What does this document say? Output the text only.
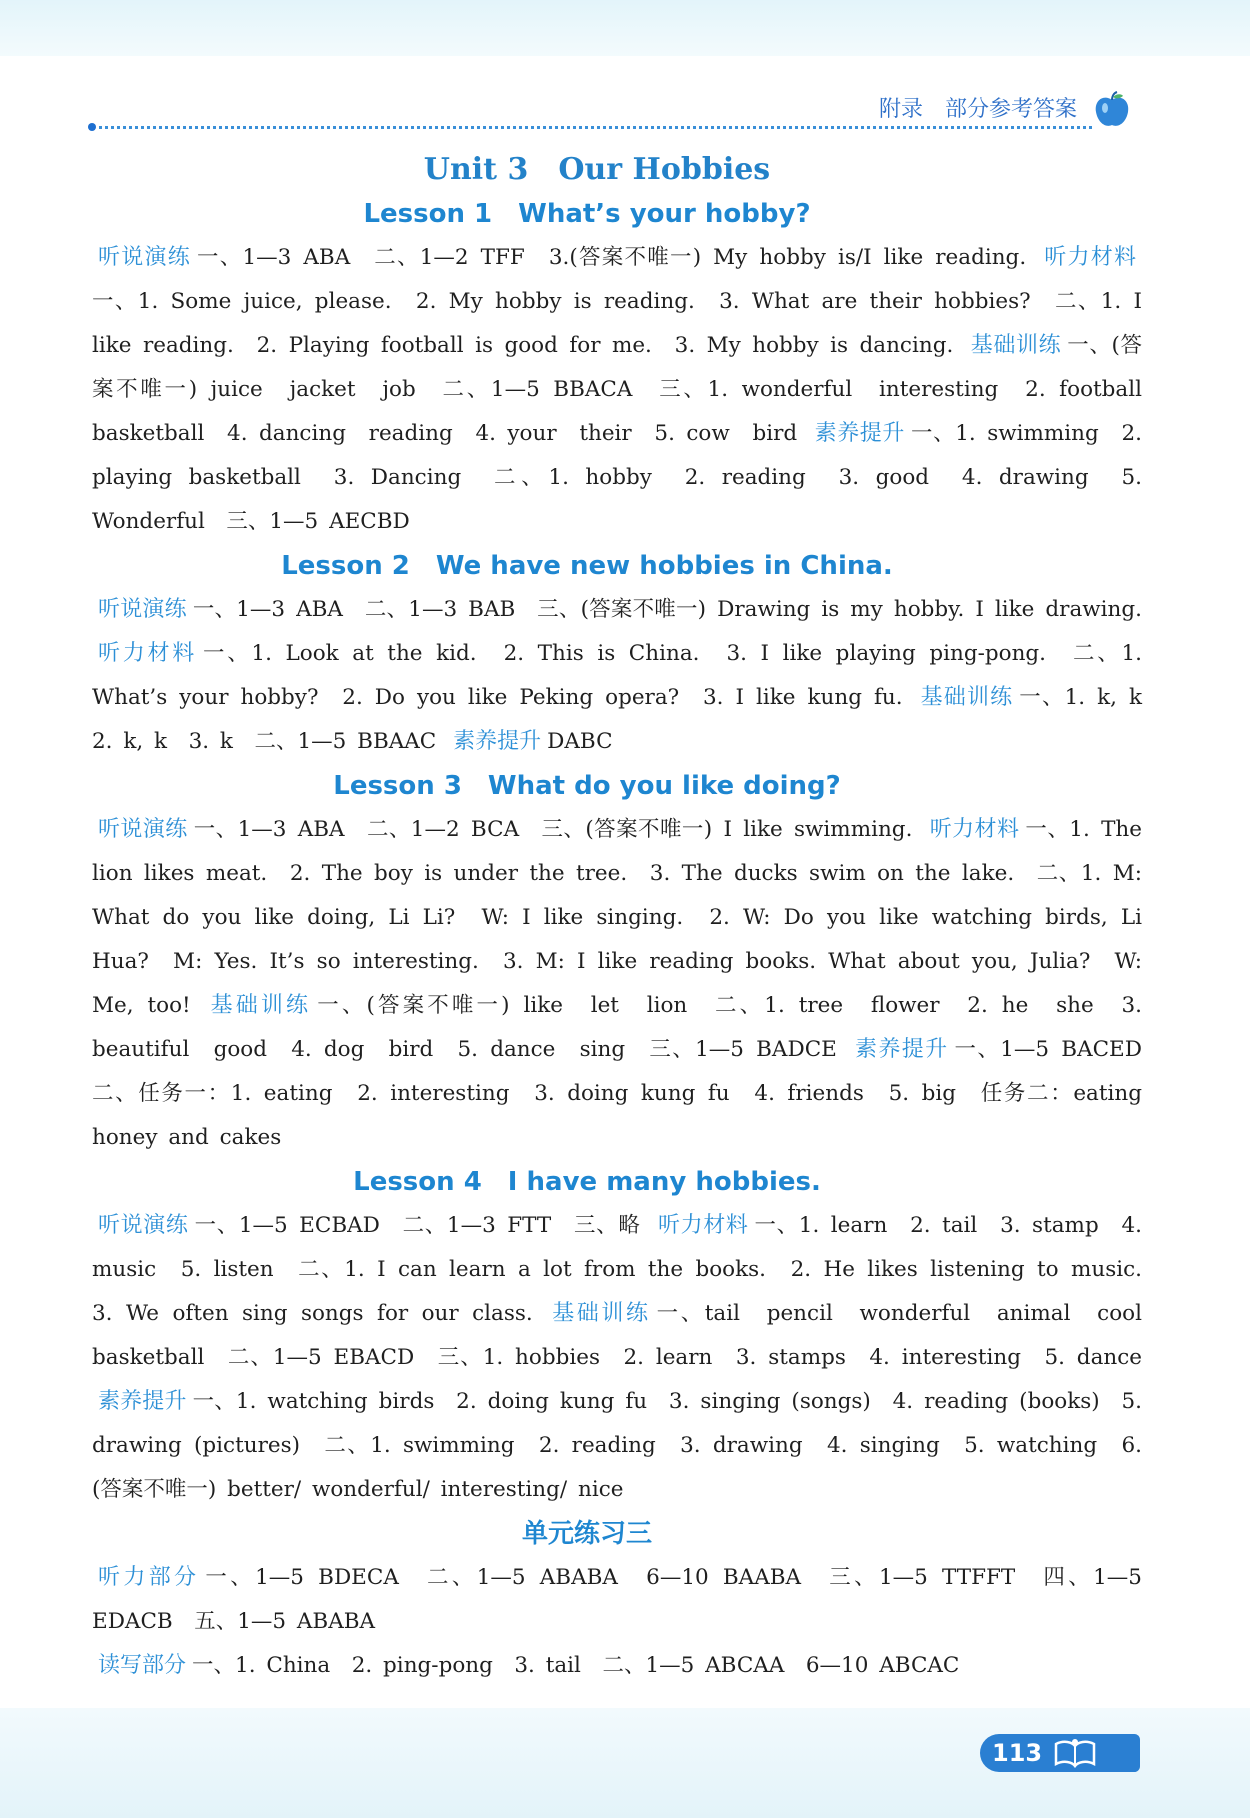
附录 部分参考答案
Unit 3　Our Hobbies
Lesson 1　What’s your hobby?
听说演练 一、1—3 ABA　二、1—2 TFF　3.(答案不唯一) My hobby is/I like reading. 听力材料一、1. Some juice, please.　2. My hobby is reading.　3. What are their hobbies?　二、1. I like reading.　2. Playing football is good for me.　3. My hobby is dancing. 基础训练 一、(答案不唯一) juice　jacket　job　二、1—5 BBACA　三、1. wonderful　interesting　2. football　basketball　4. dancing　reading　4. your　their　5. cow　bird 素养提升 一、1. swimming　2. playing basketball　3. Dancing　二、1. hobby　2. reading　3. good　4. drawing　5. Wonderful　三、1—5 AECBD
Lesson 2　We have new hobbies in China.
听说演练 一、1—3 ABA　二、1—3 BAB　三、(答案不唯一) Drawing is my hobby. I like drawing. 听力材料 一、1. Look at the kid.　2. This is China.　3. I like playing ping-pong.　二、1. What’s your hobby?　2. Do you like Peking opera?　3. I like kung fu. 基础训练 一、1. k, k　2. k, k　3. k　二、1—5 BBAAC 素养提升 DABC
Lesson 3　What do you like doing?
听说演练 一、1—3 ABA　二、1—2 BCA　三、(答案不唯一) I like swimming. 听力材料 一、1. The lion likes meat.　2. The boy is under the tree.　3. The ducks swim on the lake.　二、1. M: What do you like doing, Li Li?　W: I like singing.　2. W: Do you like watching birds, Li Hua?　M: Yes. It’s so interesting.　3. M: I like reading books. What about you, Julia?　W: Me, too! 基础训练 一、(答案不唯一) like　let　lion　二、1. tree　flower　2. he　she　3. beautiful　good　4. dog　bird　5. dance　sing　三、1—5 BADCE 素养提升 一、1—5 BACED　二、任务一：1. eating　2. interesting　3. doing kung fu　4. friends　5. big　任务二：eating honey and cakes
Lesson 4　I have many hobbies.
听说演练 一、1—5 ECBAD　二、1—3 FTT　三、略 听力材料 一、1. learn　2. tail　3. stamp　4. music　5. listen　二、1. I can learn a lot from the books.　2. He likes listening to music.　3. We often sing songs for our class. 基础训练 一、tail　pencil　wonderful　animal　cool　basketball　二、1—5 EBACD　三、1. hobbies　2. learn　3. stamps　4. interesting　5. dance 素养提升 一、1. watching birds　2. doing kung fu　3. singing (songs)　4. reading (books)　5. drawing (pictures)　二、1. swimming　2. reading　3. drawing　4. singing　5. watching　6.(答案不唯一) better/ wonderful/ interesting/ nice
单元练习三
听力部分 一、1—5 BDECA　二、1—5 ABABA　6—10 BAABA　三、1—5 TTFFT　四、1—5 EDACB　五、1—5 ABABA
读写部分 一、1. China　2. ping-pong　3. tail　二、1—5 ABCAA　6—10 ABCAC
113
